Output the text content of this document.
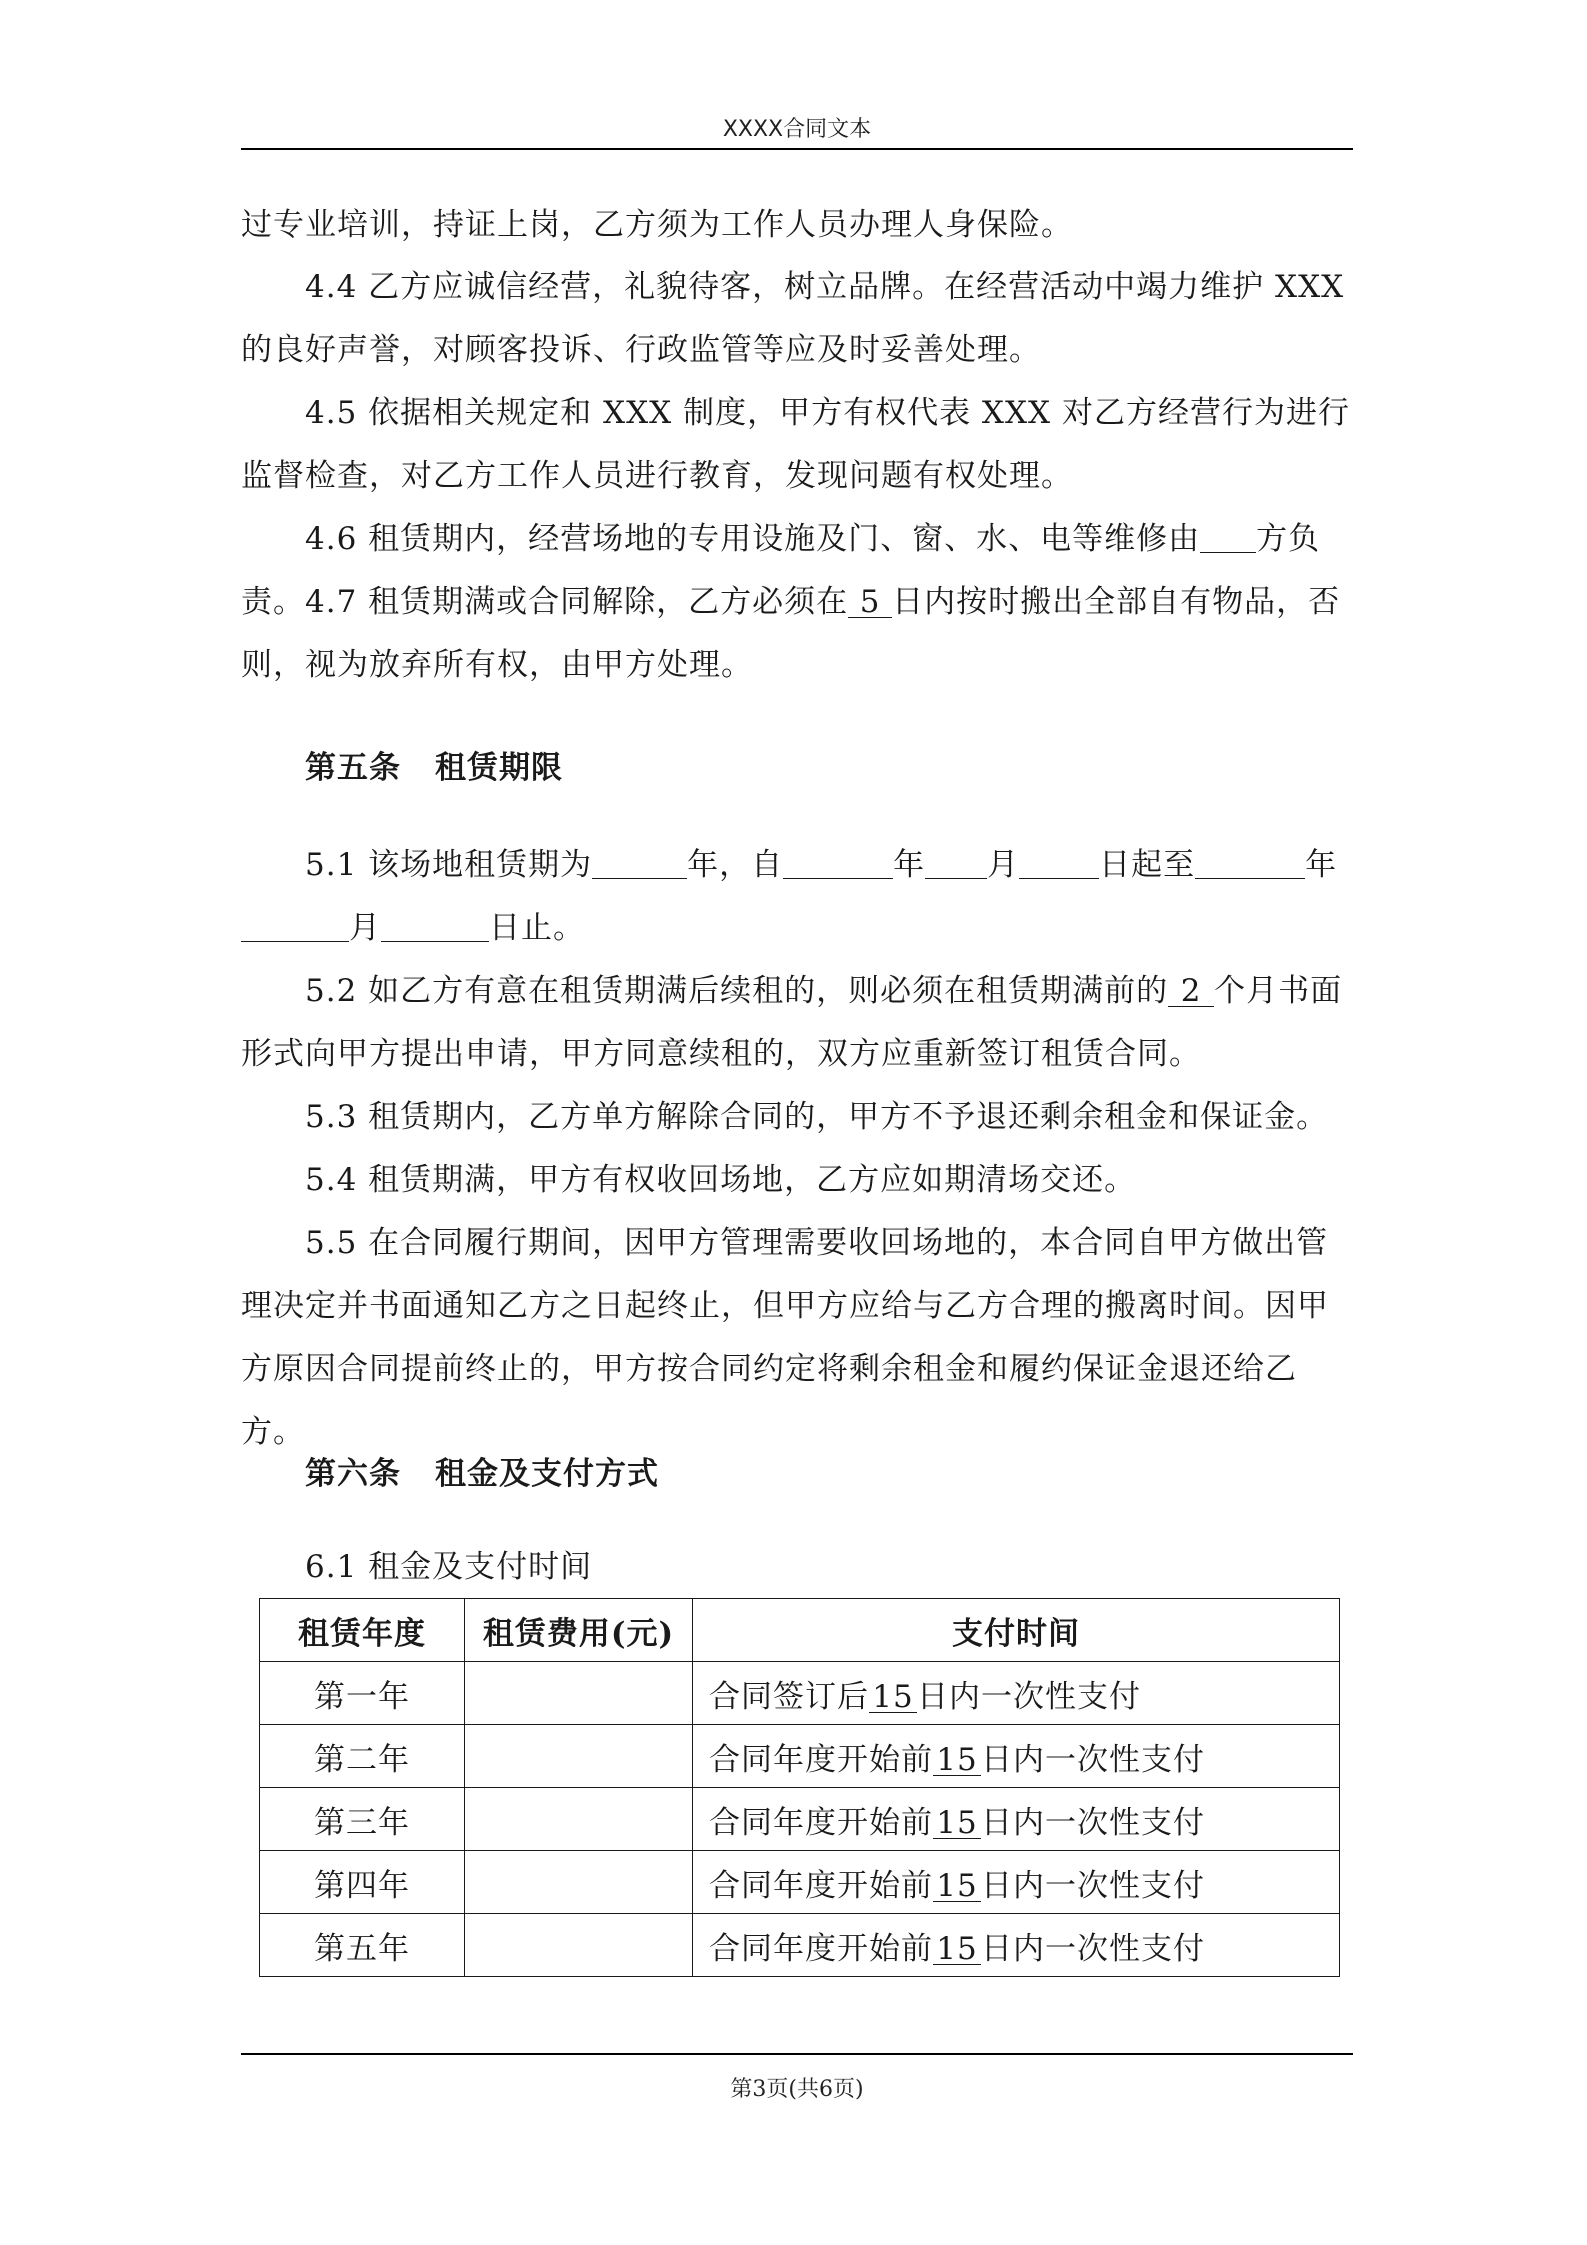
XXXX合同文本
过专业培训，持证上岗，乙方须为工作人员办理人身保险。
4.4 乙方应诚信经营，礼貌待客，树立品牌。在经营活动中竭力维护 XXX 的良好声誉，对顾客投诉、行政监管等应及时妥善处理。
4.5 依据相关规定和 XXX 制度，甲方有权代表 XXX 对乙方经营行为进行监督检查，对乙方工作人员进行教育，发现问题有权处理。
4.6 租赁期内，经营场地的专用设施及门、窗、水、电等维修由 方负责。 4.7 租赁期满或合同解除，乙方必须在 5 日内按时搬出全部自有物品，否则，视为放弃所有权，由甲方处理。
第五条 租赁期限
5.1 该场地租赁期为	年，自	年 月	日起至	年
月	日止。
5.2 如乙方有意在租赁期满后续租的，则必须在租赁期满前的 2 个月书面形式向甲方提出申请，甲方同意续租的，双方应重新签订租赁合同。
5.3 租赁期内，乙方单方解除合同的，甲方不予退还剩余租金和保证金。
5.4 租赁期满，甲方有权收回场地，乙方应如期清场交还。
5.5 在合同履行期间，因甲方管理需要收回场地的，本合同自甲方做出管理决定并书面通知乙方之日起终止，但甲方应给与乙方合理的搬离时间。因甲方原因合同提前终止的，甲方按合同约定将剩余租金和履约保证金退还给乙方。
第六条 租金及支付方式
6.1 租金及支付时间
租赁年度	租赁费用(元)	支付时间
第一年		合同签订后 15 日内一次性支付
第二年		合同年度开始前 15 日内一次性支付
第三年		合同年度开始前 15 日内一次性支付
第四年		合同年度开始前 15 日内一次性支付
第五年		合同年度开始前 15 日内一次性支付
第3页(共6页)
